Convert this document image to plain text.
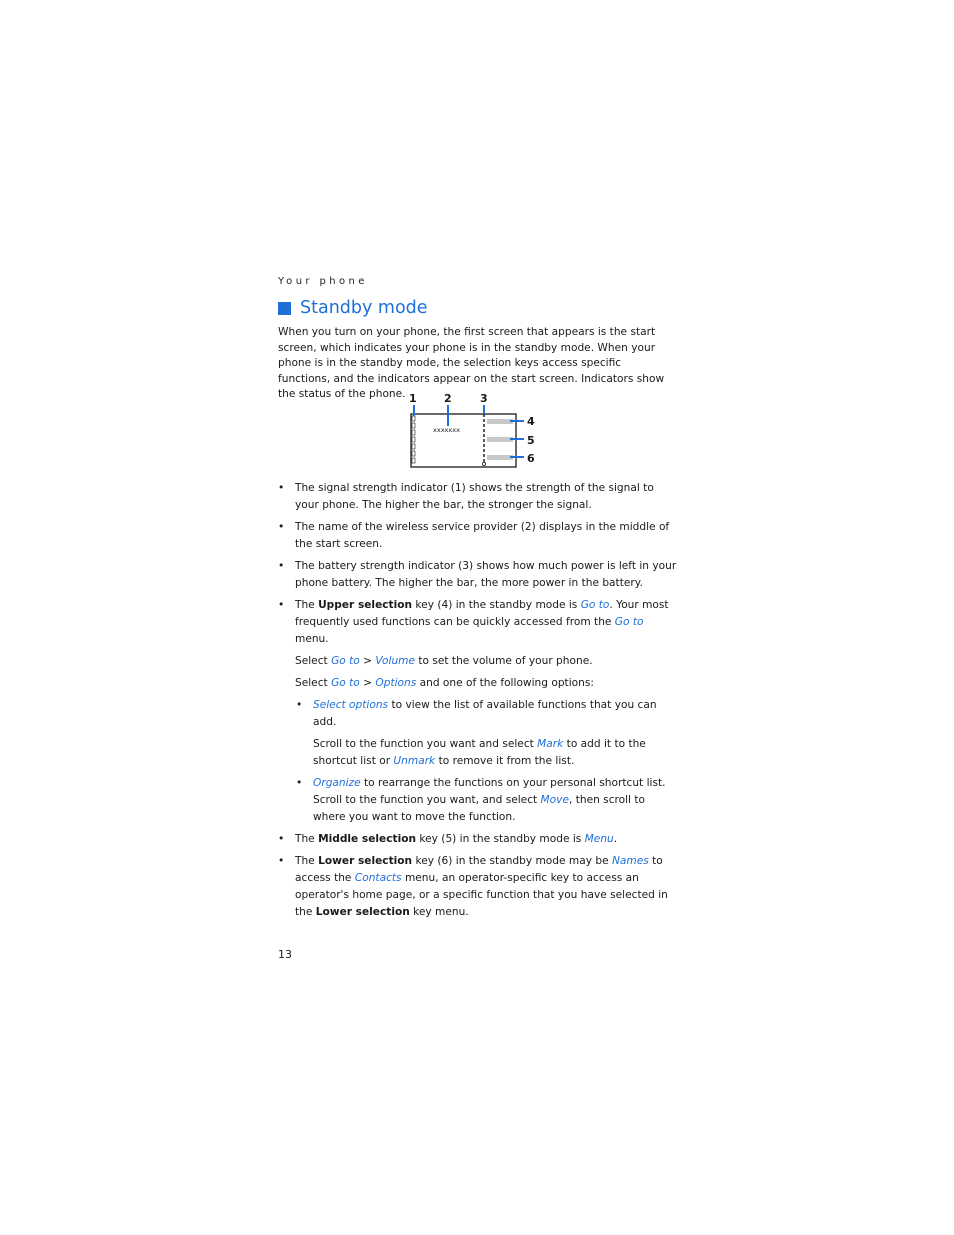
Your phone
Standby mode

When you turn on your phone, the first screen that appears is the start screen, which indicates your phone is in the standby mode. When your phone is in the standby mode, the selection keys access specific functions, and the indicators appear on the start screen. Indicators show the status of the phone. 1 2	3
4
5
6
xxxxxxx
• The signal strength indicator (1) shows the strength of the signal to your phone. The higher the bar, the stronger the signal.
• The name of the wireless service provider (2) displays in the middle of the start screen.
• The battery strength indicator (3) shows how much power is left in your phone battery. The higher the bar, the more power in the battery.
• The Upper selection key (4) in the standby mode is Go to. Your most frequently used functions can be quickly accessed from the Go to menu.
Select Go to > Volume to set the volume of your phone.
Select Go to > Options and one of the following options:
• Select options to view the list of available functions that you can add.
Scroll to the function you want and select Mark to add it to the shortcut list or Unmark to remove it from the list.
• Organize to rearrange the functions on your personal shortcut list. Scroll to the function you want, and select Move, then scroll to where you want to move the function.
• The Middle selection key (5) in the standby mode is Menu.
• The Lower selection key (6) in the standby mode may be Names to access the Contacts menu, an operator-specific key to access an operator's home page, or a specific function that you have selected in the Lower selection key menu.
13
